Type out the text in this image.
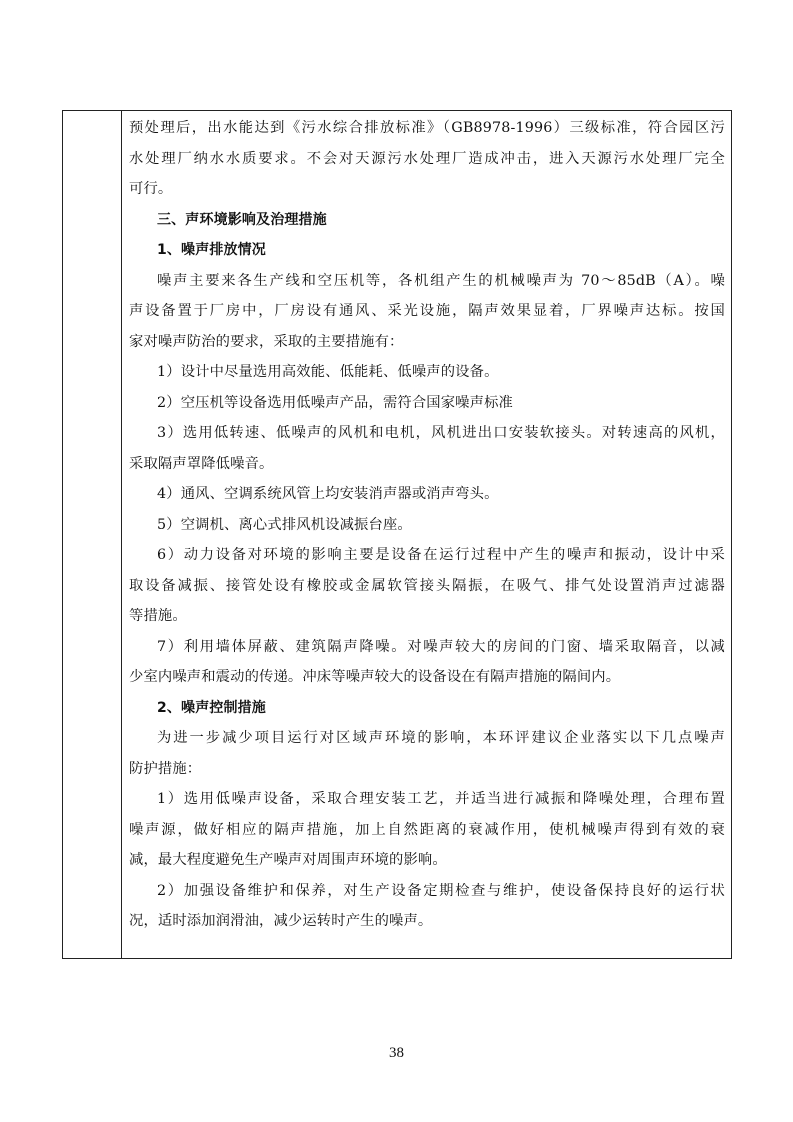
预处理后，出水能达到《污水综合排放标准》（GB8978-1996）三级标准，符合园区污
水处理厂纳水水质要求。不会对天源污水处理厂造成冲击，进入天源污水处理厂完全
可行。
三、声环境影响及治理措施
1、噪声排放情况
噪声主要来各生产线和空压机等，各机组产生的机械噪声为 70～85dB（A）。噪
声设备置于厂房中，厂房设有通风、采光设施，隔声效果显着，厂界噪声达标。按国
家对噪声防治的要求，采取的主要措施有：
1）设计中尽量选用高效能、低能耗、低噪声的设备。
2）空压机等设备选用低噪声产品，需符合国家噪声标准
3）选用低转速、低噪声的风机和电机，风机进出口安装软接头。对转速高的风机，
采取隔声罩降低噪音。
4）通风、空调系统风管上均安装消声器或消声弯头。
5）空调机、离心式排风机设减振台座。
6）动力设备对环境的影响主要是设备在运行过程中产生的噪声和振动，设计中采
取设备减振、接管处设有橡胶或金属软管接头隔振，在吸气、排气处设置消声过滤器
等措施。
7）利用墙体屏蔽、建筑隔声降噪。对噪声较大的房间的门窗、墙采取隔音，以减
少室内噪声和震动的传递。冲床等噪声较大的设备设在有隔声措施的隔间内。
2、噪声控制措施
为进一步减少项目运行对区域声环境的影响，本环评建议企业落实以下几点噪声
防护措施：
1）选用低噪声设备，采取合理安装工艺，并适当进行减振和降噪处理，合理布置
噪声源，做好相应的隔声措施，加上自然距离的衰减作用，使机械噪声得到有效的衰
减，最大程度避免生产噪声对周围声环境的影响。
2）加强设备维护和保养，对生产设备定期检查与维护，使设备保持良好的运行状
况，适时添加润滑油，减少运转时产生的噪声。
38
